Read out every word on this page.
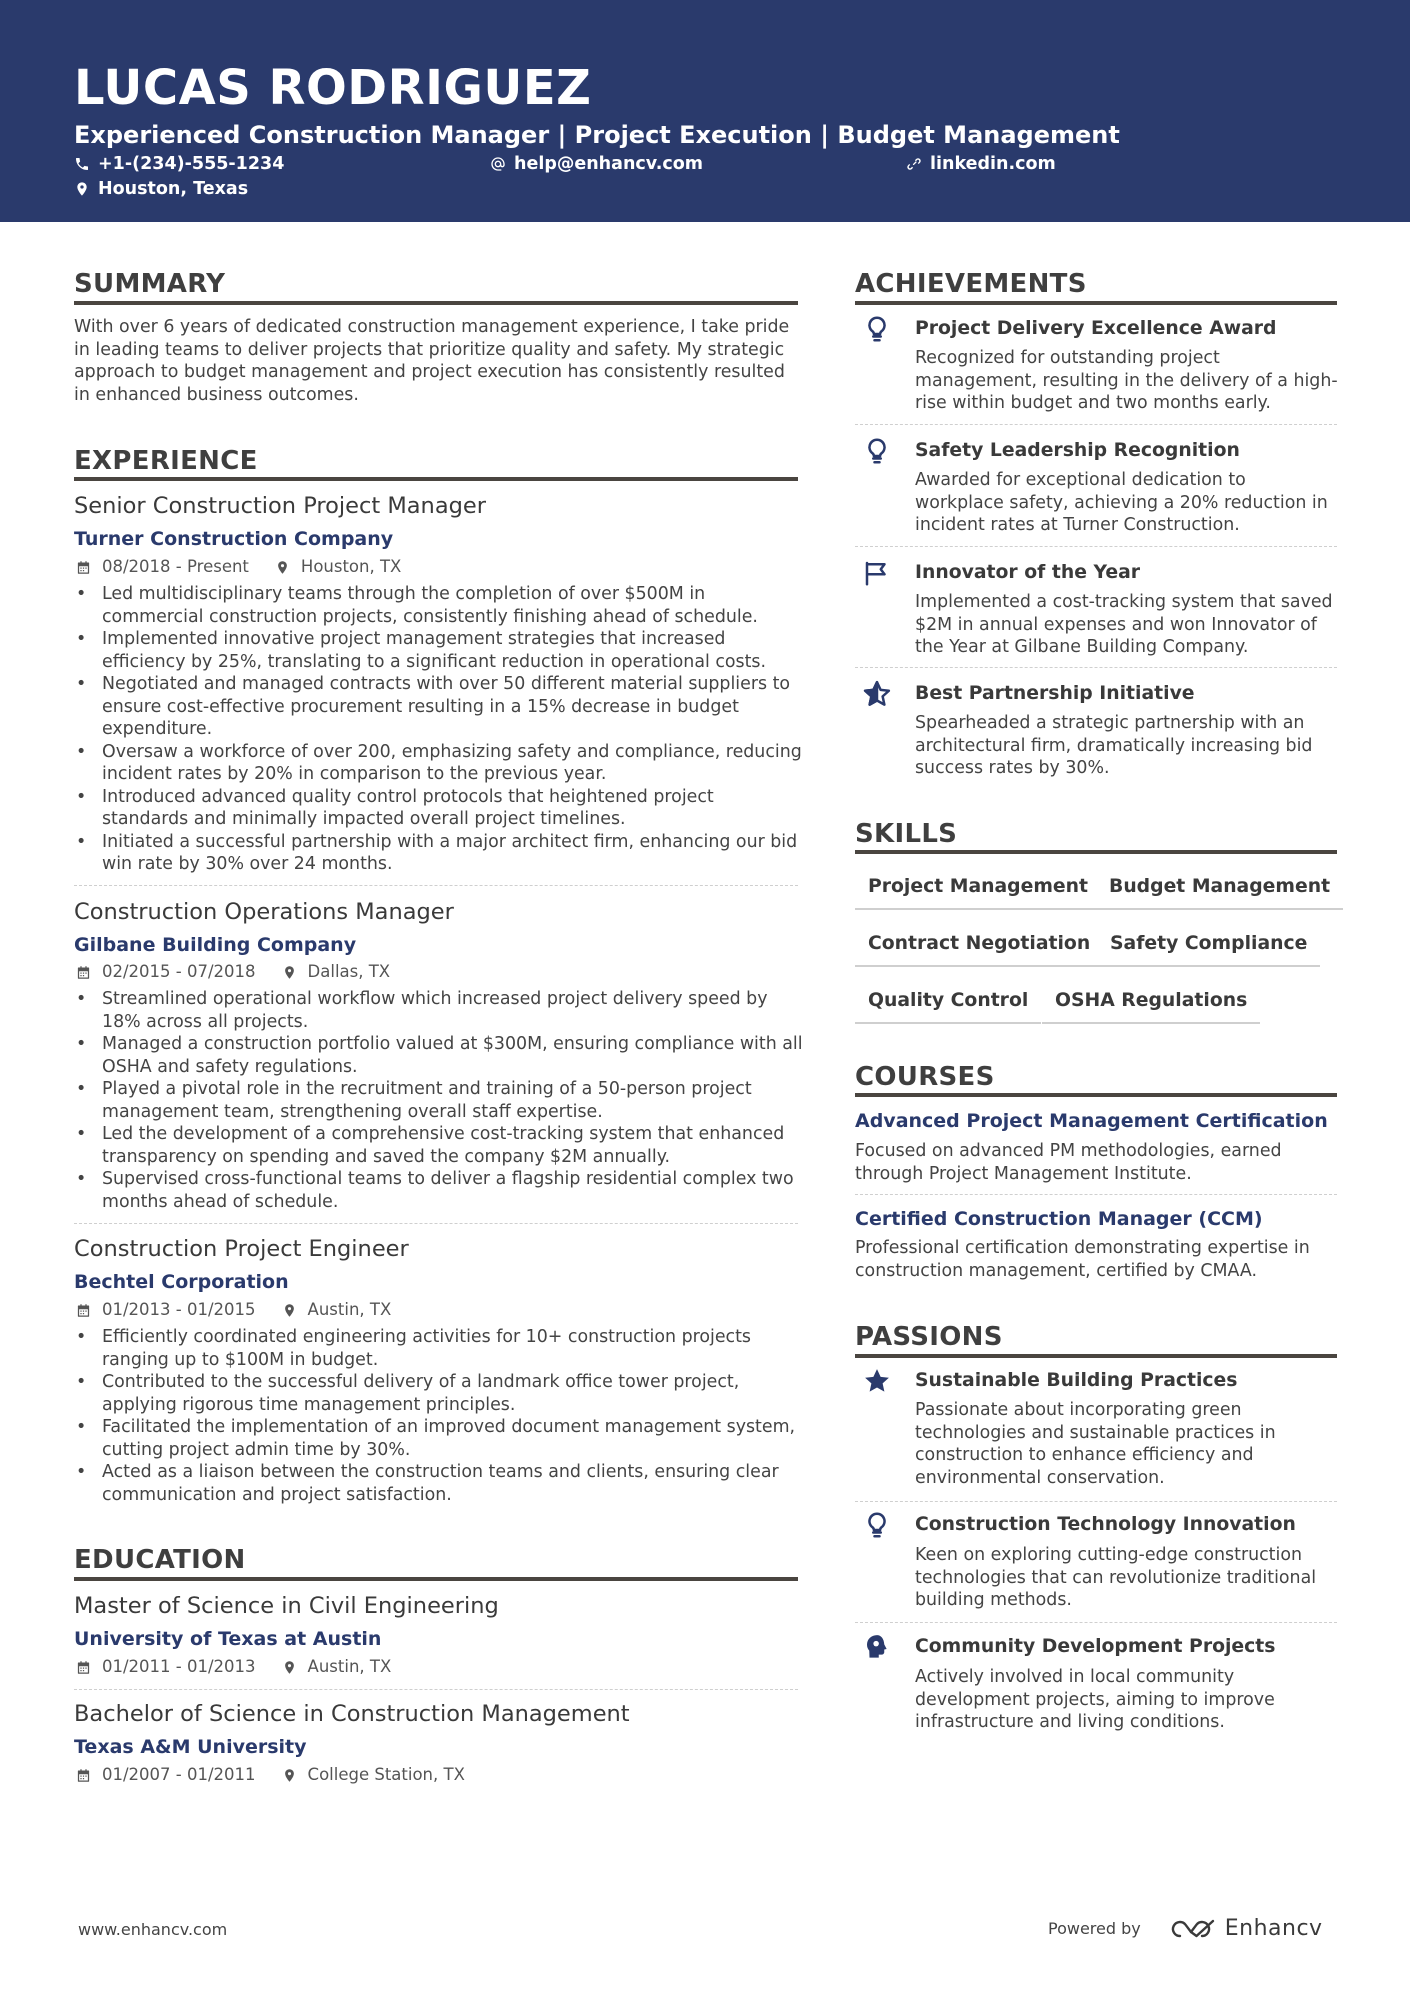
LUCAS RODRIGUEZ
Experienced Construction Manager | Project Execution | Budget Management
+1-(234)-555-1234	help@enhancv.com	linkedin.com
Houston, Texas
SUMMARY
With over 6 years of dedicated construction management experience, I take pride in leading teams to deliver projects that prioritize quality and safety. My strategic approach to budget management and project execution has consistently resulted in enhanced business outcomes.
EXPERIENCE
Senior Construction Project Manager
Turner Construction Company
08/2018 - Present	Houston, TX
• Led multidisciplinary teams through the completion of over $500M in commercial construction projects, consistently finishing ahead of schedule.
• Implemented innovative project management strategies that increased efficiency by 25%, translating to a significant reduction in operational costs.
• Negotiated and managed contracts with over 50 different material suppliers to ensure cost-effective procurement resulting in a 15% decrease in budget expenditure.
• Oversaw a workforce of over 200, emphasizing safety and compliance, reducing incident rates by 20% in comparison to the previous year.
• Introduced advanced quality control protocols that heightened project standards and minimally impacted overall project timelines.
• Initiated a successful partnership with a major architect firm, enhancing our bid win rate by 30% over 24 months.
Construction Operations Manager
Gilbane Building Company
02/2015 - 07/2018	Dallas, TX
• Streamlined operational workflow which increased project delivery speed by 18% across all projects.
• Managed a construction portfolio valued at $300M, ensuring compliance with all OSHA and safety regulations.
• Played a pivotal role in the recruitment and training of a 50-person project management team, strengthening overall staff expertise.
• Led the development of a comprehensive cost-tracking system that enhanced transparency on spending and saved the company $2M annually.
• Supervised cross-functional teams to deliver a flagship residential complex two months ahead of schedule.
Construction Project Engineer
Bechtel Corporation
01/2013 - 01/2015	Austin, TX
• Efficiently coordinated engineering activities for 10+ construction projects ranging up to $100M in budget.
• Contributed to the successful delivery of a landmark office tower project, applying rigorous time management principles.
• Facilitated the implementation of an improved document management system, cutting project admin time by 30%.
• Acted as a liaison between the construction teams and clients, ensuring clear communication and project satisfaction.
EDUCATION
Master of Science in Civil Engineering
University of Texas at Austin
01/2011 - 01/2013	Austin, TX
Bachelor of Science in Construction Management
Texas A&M University
01/2007 - 01/2011	College Station, TX
ACHIEVEMENTS
Project Delivery Excellence Award
Recognized for outstanding project management, resulting in the delivery of a high-rise within budget and two months early.
Safety Leadership Recognition
Awarded for exceptional dedication to workplace safety, achieving a 20% reduction in incident rates at Turner Construction.
Innovator of the Year
Implemented a cost-tracking system that saved $2M in annual expenses and won Innovator of the Year at Gilbane Building Company.
Best Partnership Initiative
Spearheaded a strategic partnership with an architectural firm, dramatically increasing bid success rates by 30%.
SKILLS
Project Management	Budget Management
Contract Negotiation	Safety Compliance
Quality Control	OSHA Regulations
COURSES
Advanced Project Management Certification
Focused on advanced PM methodologies, earned through Project Management Institute.
Certified Construction Manager (CCM)
Professional certification demonstrating expertise in construction management, certified by CMAA.
PASSIONS
Sustainable Building Practices
Passionate about incorporating green technologies and sustainable practices in construction to enhance efficiency and environmental conservation.
Construction Technology Innovation
Keen on exploring cutting-edge construction technologies that can revolutionize traditional building methods.
Community Development Projects
Actively involved in local community development projects, aiming to improve infrastructure and living conditions.
www.enhancv.com	Powered by	Enhancv
